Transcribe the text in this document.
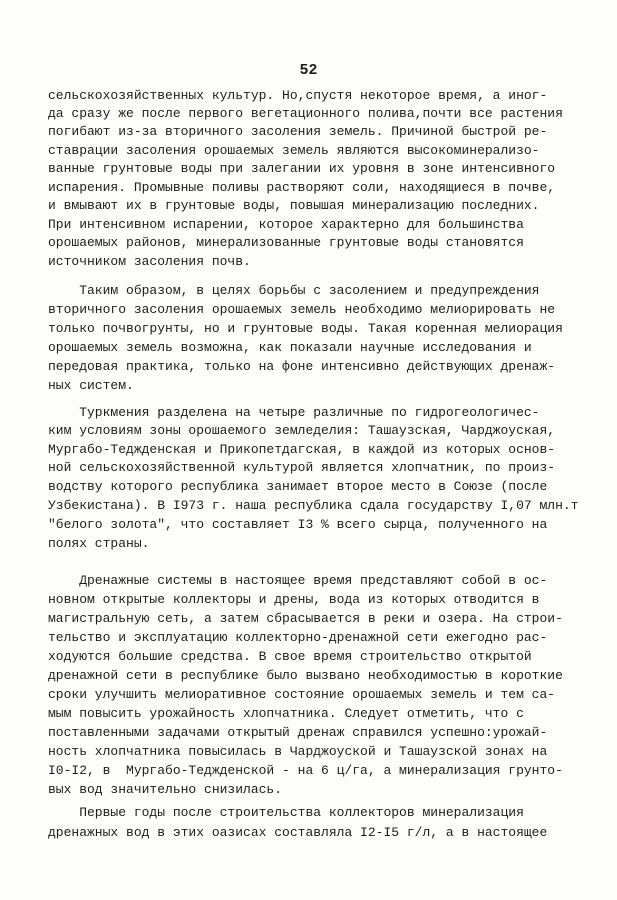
52
сельскохозяйственных культур. Но,спустя некоторое время, а иног-
да сразу же после первого вегетационного полива,почти все растения
погибают из-за вторичного засоления земель. Причиной быстрой ре-
ставрации засоления орошаемых земель являются высокоминерализо-
ванные грунтовые воды при залегании их уровня в зоне интенсивного
испарения. Промывные поливы растворяют соли, находящиеся в почве,
и вмывают их в грунтовые воды, повышая минерализацию последних.
При интенсивном испарении, которое характерно для большинства
орошаемых районов, минерализованные грунтовые воды становятся
источником засоления почв.
Таким образом, в целях борьбы с засолением и предупреждения
вторичного засоления орошаемых земель необходимо мелиорировать не
только почвогрунты, но и грунтовые воды. Такая коренная мелиорация
орошаемых земель возможна, как показали научные исследования и
передовая практика, только на фоне интенсивно действующих дренаж-
ных систем.
Туркмения разделена на четыре различные по гидрогеологичес-
ким условиям зоны орошаемого земледелия: Ташаузская, Чарджоуская,
Мургабо-Теджденская и Прикопетдагская, в каждой из которых основ-
ной сельскохозяйственной культурой является хлопчатник, по произ-
водству которого республика занимает второе место в Союзе (после
Узбекистана). В I973 г. наша республика сдала государству I,07 млн.т
"белого золота", что составляет I3 % всего сырца, полученного на
полях страны.
Дренажные системы в настоящее время представляют собой в ос-
новном открытые коллекторы и дрены, вода из которых отводится в
магистральную сеть, а затем сбрасывается в реки и озера. На строи-
тельство и эксплуатацию коллекторно-дренажной сети ежегодно рас-
ходуются большие средства. В свое время строительство открытой
дренажной сети в республике было вызвано необходимостью в короткие
сроки улучшить мелиоративное состояние орошаемых земель и тем са-
мым повысить урожайность хлопчатника. Следует отметить, что с
поставленными задачами открытый дренаж справился успешно:урожай-
ность хлопчатника повысилась в Чарджоуской и Ташаузской зонах на
I0-I2, в  Мургабо-Теджденской - на 6 ц/га, а минерализация грунто-
вых вод значительно снизилась.
Первые годы после строительства коллекторов минерализация
дренажных вод в этих оазисах составляла I2-I5 г/л, а в настоящее
